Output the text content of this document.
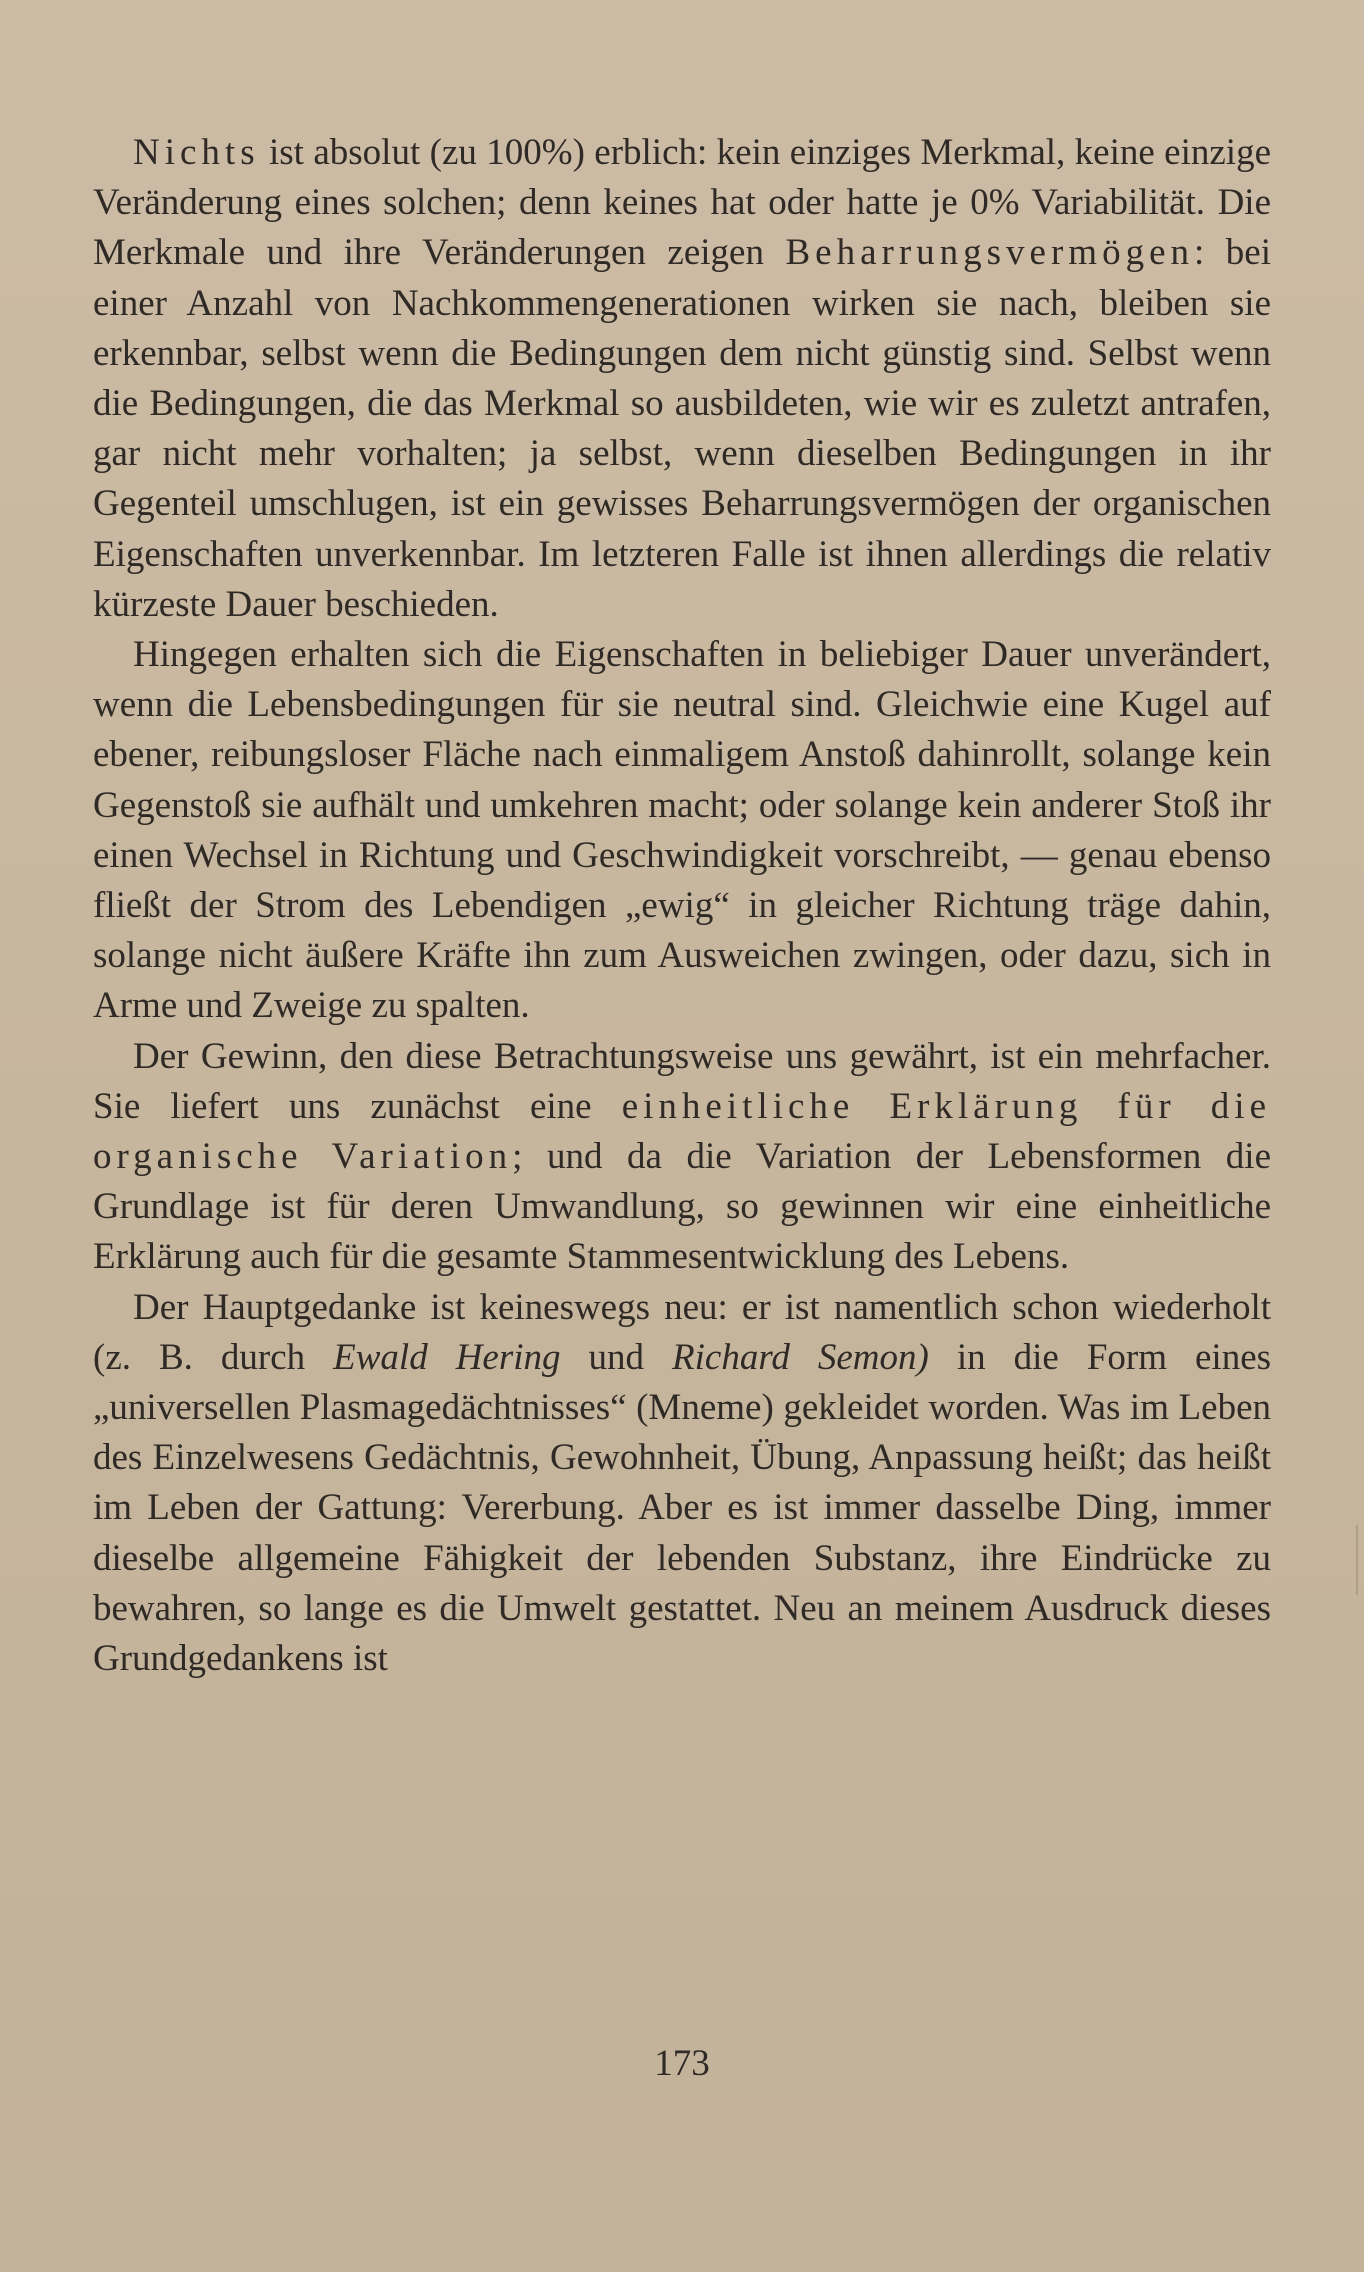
Nichts ist absolut (zu 100%) erblich: kein einziges Merkmal, keine einzige Veränderung eines solchen; denn keines hat oder hatte je 0% Variabilität. Die Merkmale und ihre Veränderungen zeigen Beharrungsvermögen: bei einer Anzahl von Nachkommengenerationen wirken sie nach, bleiben sie erkennbar, selbst wenn die Bedingungen dem nicht günstig sind. Selbst wenn die Bedingungen, die das Merkmal so ausbildeten, wie wir es zuletzt antrafen, gar nicht mehr vorhalten; ja selbst, wenn dieselben Bedingungen in ihr Gegenteil umschlugen, ist ein gewisses Beharrungsvermögen der organischen Eigenschaften unverkennbar. Im letzteren Falle ist ihnen allerdings die relativ kürzeste Dauer beschieden.

Hingegen erhalten sich die Eigenschaften in beliebiger Dauer unverändert, wenn die Lebensbedingungen für sie neutral sind. Gleichwie eine Kugel auf ebener, reibungsloser Fläche nach einmaligem Anstoß dahinrollt, solange kein Gegenstoß sie aufhält und umkehren macht; oder solange kein anderer Stoß ihr einen Wechsel in Richtung und Geschwindigkeit vorschreibt, — genau ebenso fließt der Strom des Lebendigen „ewig“ in gleicher Richtung träge dahin, solange nicht äußere Kräfte ihn zum Ausweichen zwingen, oder dazu, sich in Arme und Zweige zu spalten.

Der Gewinn, den diese Betrachtungsweise uns gewährt, ist ein mehrfacher. Sie liefert uns zunächst eine einheitliche Erklärung für die organische Variation; und da die Variation der Lebensformen die Grundlage ist für deren Umwandlung, so gewinnen wir eine einheitliche Erklärung auch für die gesamte Stammesentwicklung des Lebens.

Der Hauptgedanke ist keineswegs neu: er ist namentlich schon wiederholt (z. B. durch Ewald Hering und Richard Semon) in die Form eines „universellen Plasmagedächtnisses“ (Mneme) gekleidet worden. Was im Leben des Einzelwesens Gedächtnis, Gewohnheit, Übung, Anpassung heißt; das heißt im Leben der Gattung: Vererbung. Aber es ist immer dasselbe Ding, immer dieselbe allgemeine Fähigkeit der lebenden Substanz, ihre Eindrücke zu bewahren, so lange es die Umwelt gestattet. Neu an meinem Ausdruck dieses Grundgedankens ist

173
